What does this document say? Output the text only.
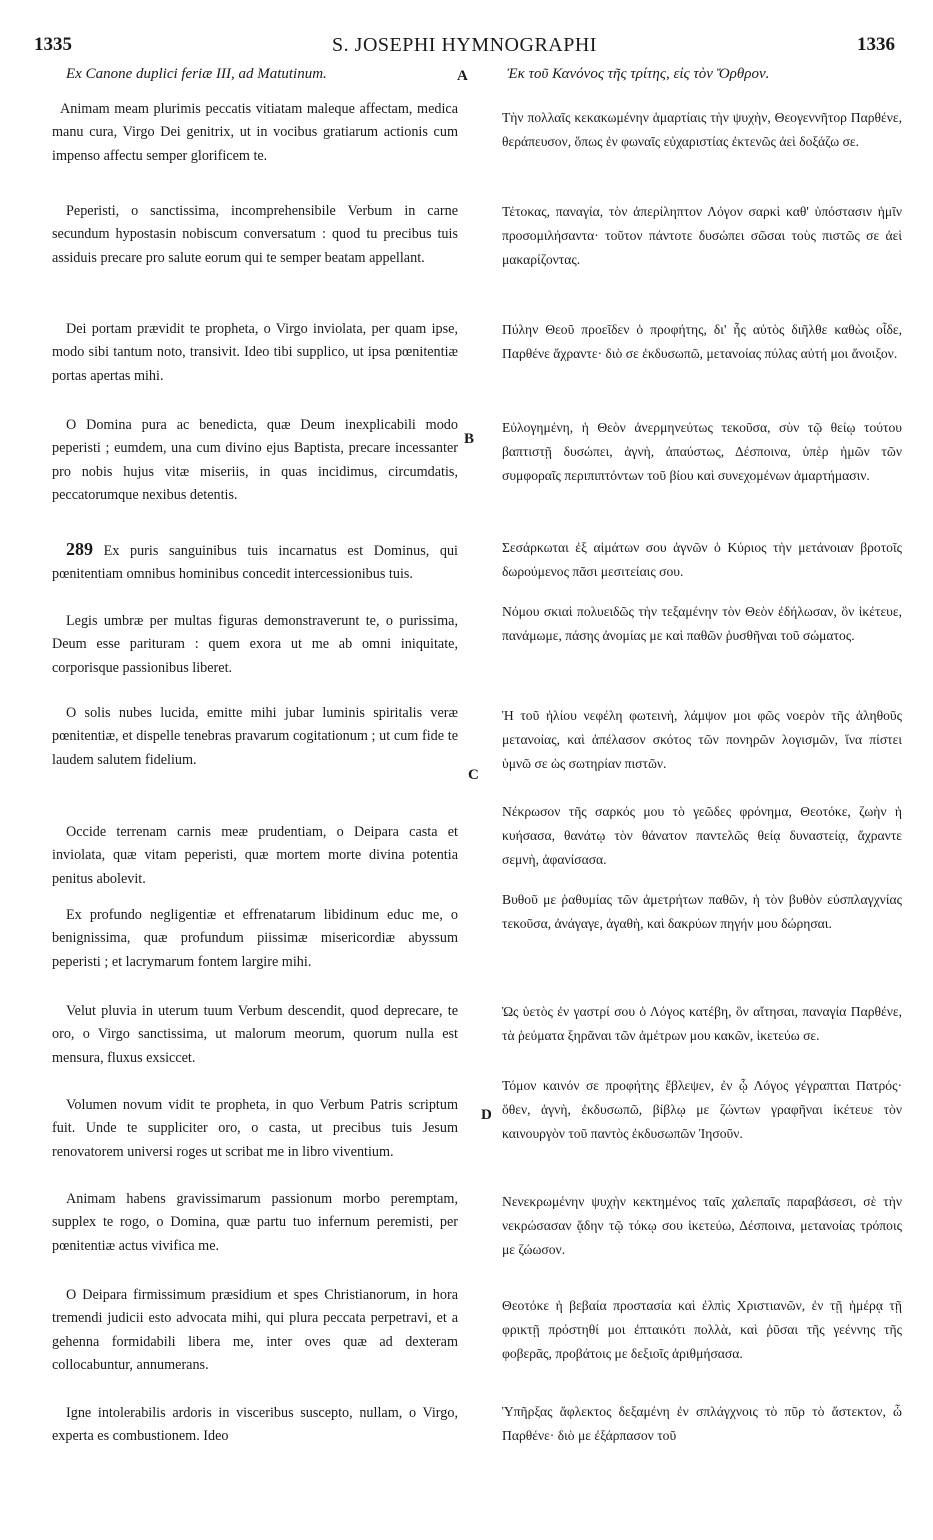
1335	S. JOSEPHI HYMNOGRAPHI	1336
Ex Canone duplici feriæ III, ad Matutinum.	Ἐκ τοῦ Κανόνος τῆς τρίτης, εἰς τὸν Ὄρθρον.
A
B
C
D

Animam meam plurimis peccatis vitiatam maleque affectam, medica manu cura, Virgo Dei genitrix, ut in vocibus gratiarum actionis cum impenso affectu semper glorificem te.

Peperisti, o sanctissima, incomprehensibile Verbum in carne secundum hypostasin nobiscum conversatum : quod tu precibus tuis assiduis precare pro salute eorum qui te semper beatam appellant.

Dei portam prævidit te propheta, o Virgo inviolata, per quam ipse, modo sibi tantum noto, transivit. Ideo tibi supplico, ut ipsa pœnitentiæ portas apertas mihi.

O Domina pura ac benedicta, quæ Deum inexplicabili modo peperisti ; eumdem, una cum divino ejus Baptista, precare incessanter pro nobis hujus vitæ miseriis, in quas incidimus, circumdatis, peccatorumque nexibus detentis.

289 Ex puris sanguinibus tuis incarnatus est Dominus, qui pœnitentiam omnibus hominibus concedit intercessionibus tuis.

Legis umbræ per multas figuras demonstraverunt te, o purissima, Deum esse parituram : quem exora ut me ab omni iniquitate, corporisque passionibus liberet.

O solis nubes lucida, emitte mihi jubar luminis spiritalis veræ pœnitentiæ, et dispelle tenebras pravarum cogitationum ; ut cum fide te laudem salutem fidelium.

Occide terrenam carnis meæ prudentiam, o Deipara casta et inviolata, quæ vitam peperisti, quæ mortem morte divina potentia penitus abolevit.

Ex profundo negligentiæ et effrenatarum libidinum educ me, o benignissima, quæ profundum piissimæ misericordiæ abyssum peperisti ; et lacrymarum fontem largire mihi.

Velut pluvia in uterum tuum Verbum descendit, quod deprecare, te oro, o Virgo sanctissima, ut malorum meorum, quorum nulla est mensura, fluxus exsiccet.

Volumen novum vidit te propheta, in quo Verbum Patris scriptum fuit. Unde te suppliciter oro, o casta, ut precibus tuis Jesum renovatorem universi roges ut scribat me in libro viventium.

Animam habens gravissimarum passionum morbo peremptam, supplex te rogo, o Domina, quæ partu tuo infernum peremisti, per pœnitentiæ actus vivifica me.

O Deipara firmissimum præsidium et spes Christianorum, in hora tremendi judicii esto advocata mihi, qui plura peccata perpetravi, et a gehenna formidabili libera me, inter oves quæ ad dexteram collocabuntur, annumerans.

Igne intolerabilis ardoris in visceribus suscepto, nullam, o Virgo, experta es combustionem. Ideo

Τὴν πολλαῖς κεκακωμένην ἁμαρτίαις τὴν ψυχὴν, Θεογεννῆτορ Παρθένε, θεράπευσον, ὅπως ἐν φωναῖς εὐχαριστίας ἐκτενῶς ἀεὶ δοξάζω σε.

Τέτοκας, παναγία, τὸν ἀπερίληπτον Λόγον σαρκὶ καθ' ὑπόστασιν ἡμῖν προσομιλήσαντα· τοῦτον πάντοτε δυσώπει σῶσαι τοὺς πιστῶς σε ἀεὶ μακαρίζοντας.

Πύλην Θεοῦ προεῖδεν ὁ προφήτης, δι' ἧς αὐτὸς διῆλθε καθὼς οἶδε, Παρθένε ἄχραντε· διὸ σε ἐκδυσωπῶ, μετανοίας πύλας αὐτή μοι ἄνοιξον.

Εὐλογημένη, ἡ Θεὸν ἀνερμηνεύτως τεκοῦσα, σὺν τῷ θείῳ τούτου βαπτιστῇ δυσώπει, ἁγνὴ, ἀπαύστως, Δέσποινα, ὑπὲρ ἡμῶν τῶν συμφοραῖς περιπιπτόντων τοῦ βίου καὶ συνεχομένων ἁμαρτήμασιν.

Σεσάρκωται ἐξ αἱμάτων σου ἁγνῶν ὁ Κύριος τὴν μετάνοιαν βροτοῖς δωρούμενος πᾶσι μεσιτείαις σου.

Νόμου σκιαὶ πολυειδῶς τὴν τεξαμένην τὸν Θεὸν ἐδήλωσαν, ὃν ἱκέτευε, πανάμωμε, πάσης ἀνομίας με καὶ παθῶν ῥυσθῆναι τοῦ σώματος.

Ἡ τοῦ ἡλίου νεφέλη φωτεινὴ, λάμψον μοι φῶς νοερὸν τῆς ἀληθοῦς μετανοίας, καὶ ἀπέλασον σκότος τῶν πονηρῶν λογισμῶν, ἵνα πίστει ὑμνῶ σε ὡς σωτηρίαν πιστῶν.

Νέκρωσον τῆς σαρκός μου τὸ γεῶδες φρόνημα, Θεοτόκε, ζωὴν ἡ κυήσασα, θανάτῳ τὸν θάνατον παντελῶς θείᾳ δυναστείᾳ, ἄχραντε σεμνὴ, ἀφανίσασα.

Βυθοῦ με ῥαθυμίας τῶν ἀμετρήτων παθῶν, ἡ τὸν βυθὸν εὐσπλαγχνίας τεκοῦσα, ἀνάγαγε, ἀγαθὴ, καὶ δακρύων πηγήν μου δώρησαι.

Ὡς ὑετὸς ἐν γαστρί σου ὁ Λόγος κατέβη, ὃν αἴτησαι, παναγία Παρθένε, τὰ ῥεύματα ξηρᾶναι τῶν ἀμέτρων μου κακῶν, ἱκετεύω σε.

Τόμον καινόν σε προφήτης ἔβλεψεν, ἐν ᾧ Λόγος γέγραπται Πατρός· ὅθεν, ἁγνὴ, ἐκδυσωπῶ, βίβλῳ με ζώντων γραφῆναι ἱκέτευε τὸν καινουργὸν τοῦ παντὸς ἐκδυσωπῶν Ἰησοῦν.

Νενεκρωμένην ψυχὴν κεκτημένος ταῖς χαλεπαῖς παραβάσεσι, σὲ τὴν νεκρώσασαν ᾅδην τῷ τόκῳ σου ἱκετεύω, Δέσποινα, μετανοίας τρόποις με ζώωσον.

Θεοτόκε ἡ βεβαία προστασία καὶ ἐλπὶς Χριστιανῶν, ἐν τῇ ἡμέρᾳ τῇ φρικτῇ πρόστηθί μοι ἐπταικότι πολλὰ, καὶ ῥῦσαι τῆς γεέννης τῆς φοβερᾶς, προβάτοις με δεξιοῖς ἀριθμήσασα.

Ὑπῆρξας ἄφλεκτος δεξαμένη ἐν σπλάγχνοις τὸ πῦρ τὸ ἄστεκτον, ὦ Παρθένε· διὸ με ἐξάρπασον τοῦ
